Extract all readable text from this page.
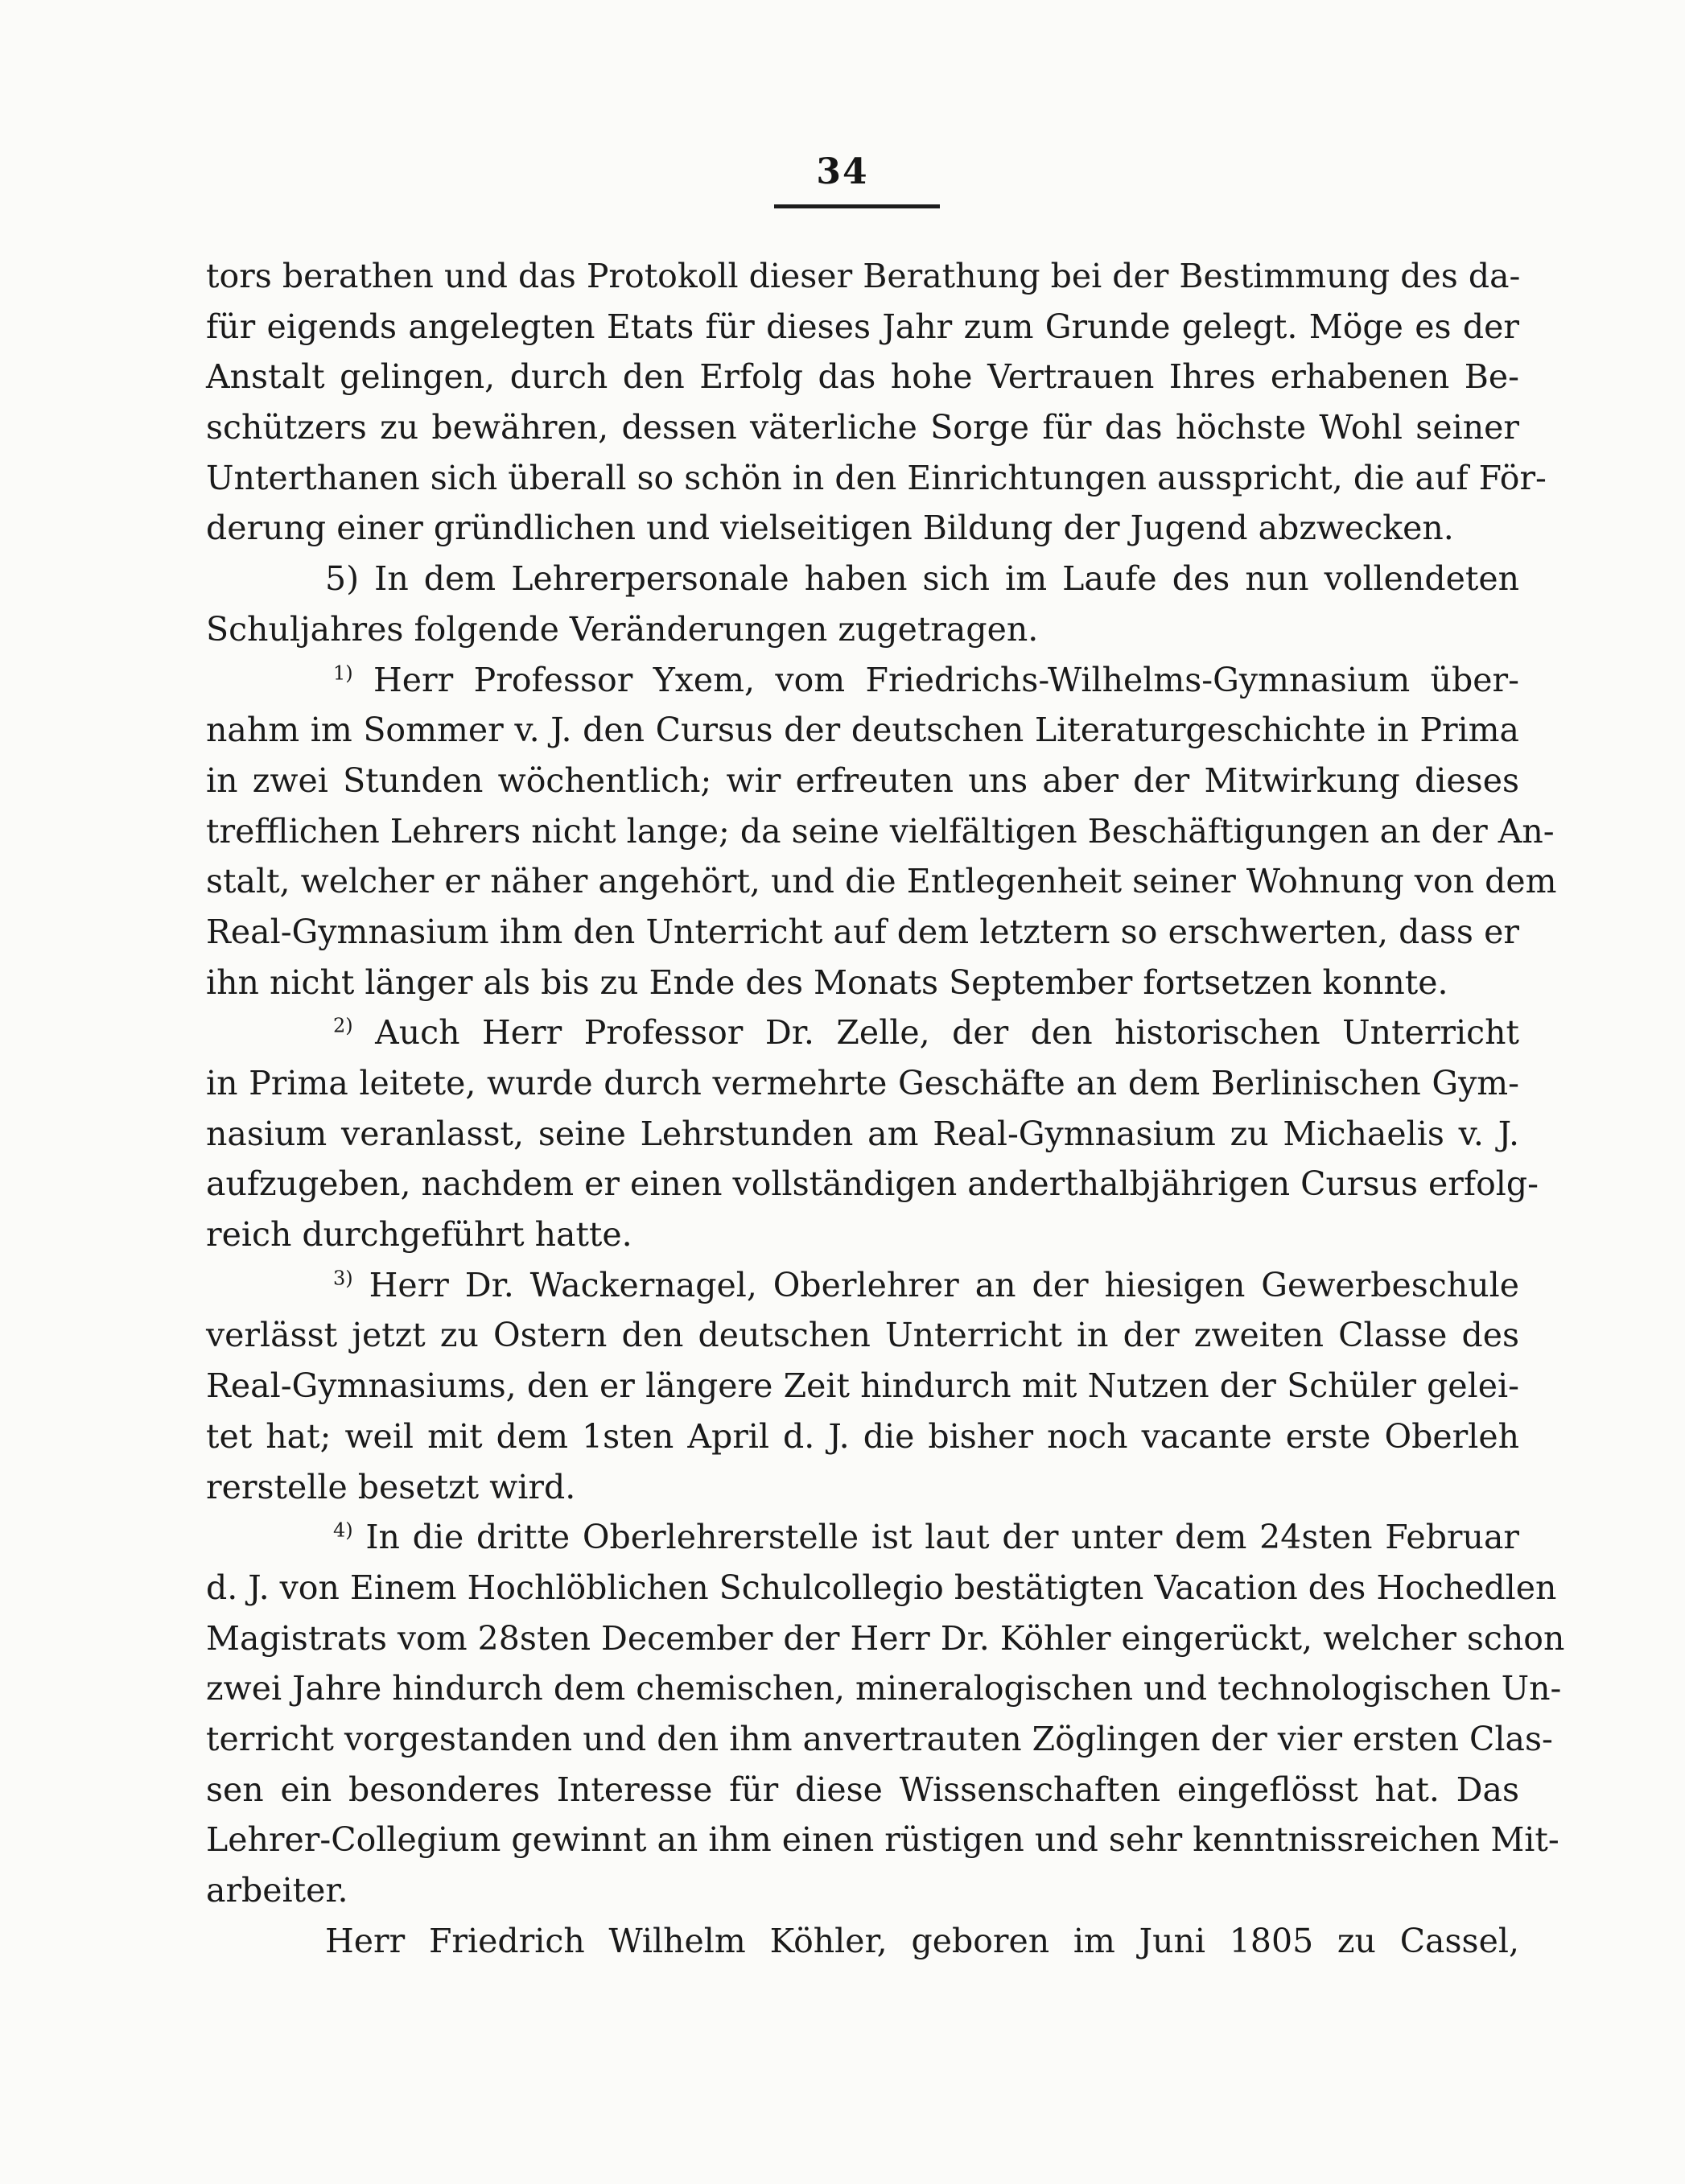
34
tors berathen und das Protokoll dieser Berathung bei der Bestimmung des da-
für eigends angelegten Etats für dieses Jahr zum Grunde gelegt. Möge es der
Anstalt gelingen, durch den Erfolg das hohe Vertrauen Ihres erhabenen Be-
schützers zu bewähren, dessen väterliche Sorge für das höchste Wohl seiner
Unterthanen sich überall so schön in den Einrichtungen ausspricht, die auf För-
derung einer gründlichen und vielseitigen Bildung der Jugend abzwecken.
5) In dem Lehrerpersonale haben sich im Laufe des nun vollendeten
Schuljahres folgende Veränderungen zugetragen.
$^{1)}$ Herr Professor Yxem, vom Friedrichs-Wilhelms-Gymnasium über-
nahm im Sommer v. J. den Cursus der deutschen Literaturgeschichte in Prima
in zwei Stunden wöchentlich; wir erfreuten uns aber der Mitwirkung dieses
trefflichen Lehrers nicht lange; da seine vielfältigen Beschäftigungen an der An-
stalt, welcher er näher angehört, und die Entlegenheit seiner Wohnung von dem
Real-Gymnasium ihm den Unterricht auf dem letztern so erschwerten, dass er
ihn nicht länger als bis zu Ende des Monats September fortsetzen konnte.
$^{2)}$ Auch Herr Professor Dr. Zelle, der den historischen Unterricht
in Prima leitete, wurde durch vermehrte Geschäfte an dem Berlinischen Gym-
nasium veranlasst, seine Lehrstunden am Real-Gymnasium zu Michaelis v. J.
aufzugeben, nachdem er einen vollständigen anderthalbjährigen Cursus erfolg-
reich durchgeführt hatte.
$^{3)}$ Herr Dr. Wackernagel, Oberlehrer an der hiesigen Gewerbeschule
verlässt jetzt zu Ostern den deutschen Unterricht in der zweiten Classe des
Real-Gymnasiums, den er längere Zeit hindurch mit Nutzen der Schüler gelei-
tet hat; weil mit dem 1sten April d. J. die bisher noch vacante erste Oberleh
rerstelle besetzt wird.
$^{4)}$ In die dritte Oberlehrerstelle ist laut der unter dem 24sten Februar
d. J. von Einem Hochlöblichen Schulcollegio bestätigten Vacation des Hochedlen
Magistrats vom 28sten December der Herr Dr. Köhler eingerückt, welcher schon
zwei Jahre hindurch dem chemischen, mineralogischen und technologischen Un-
terricht vorgestanden und den ihm anvertrauten Zöglingen der vier ersten Clas-
sen ein besonderes Interesse für diese Wissenschaften eingeflösst hat. Das
Lehrer-Collegium gewinnt an ihm einen rüstigen und sehr kenntnissreichen Mit-
arbeiter.
Herr Friedrich Wilhelm Köhler, geboren im Juni 1805 zu Cassel,
